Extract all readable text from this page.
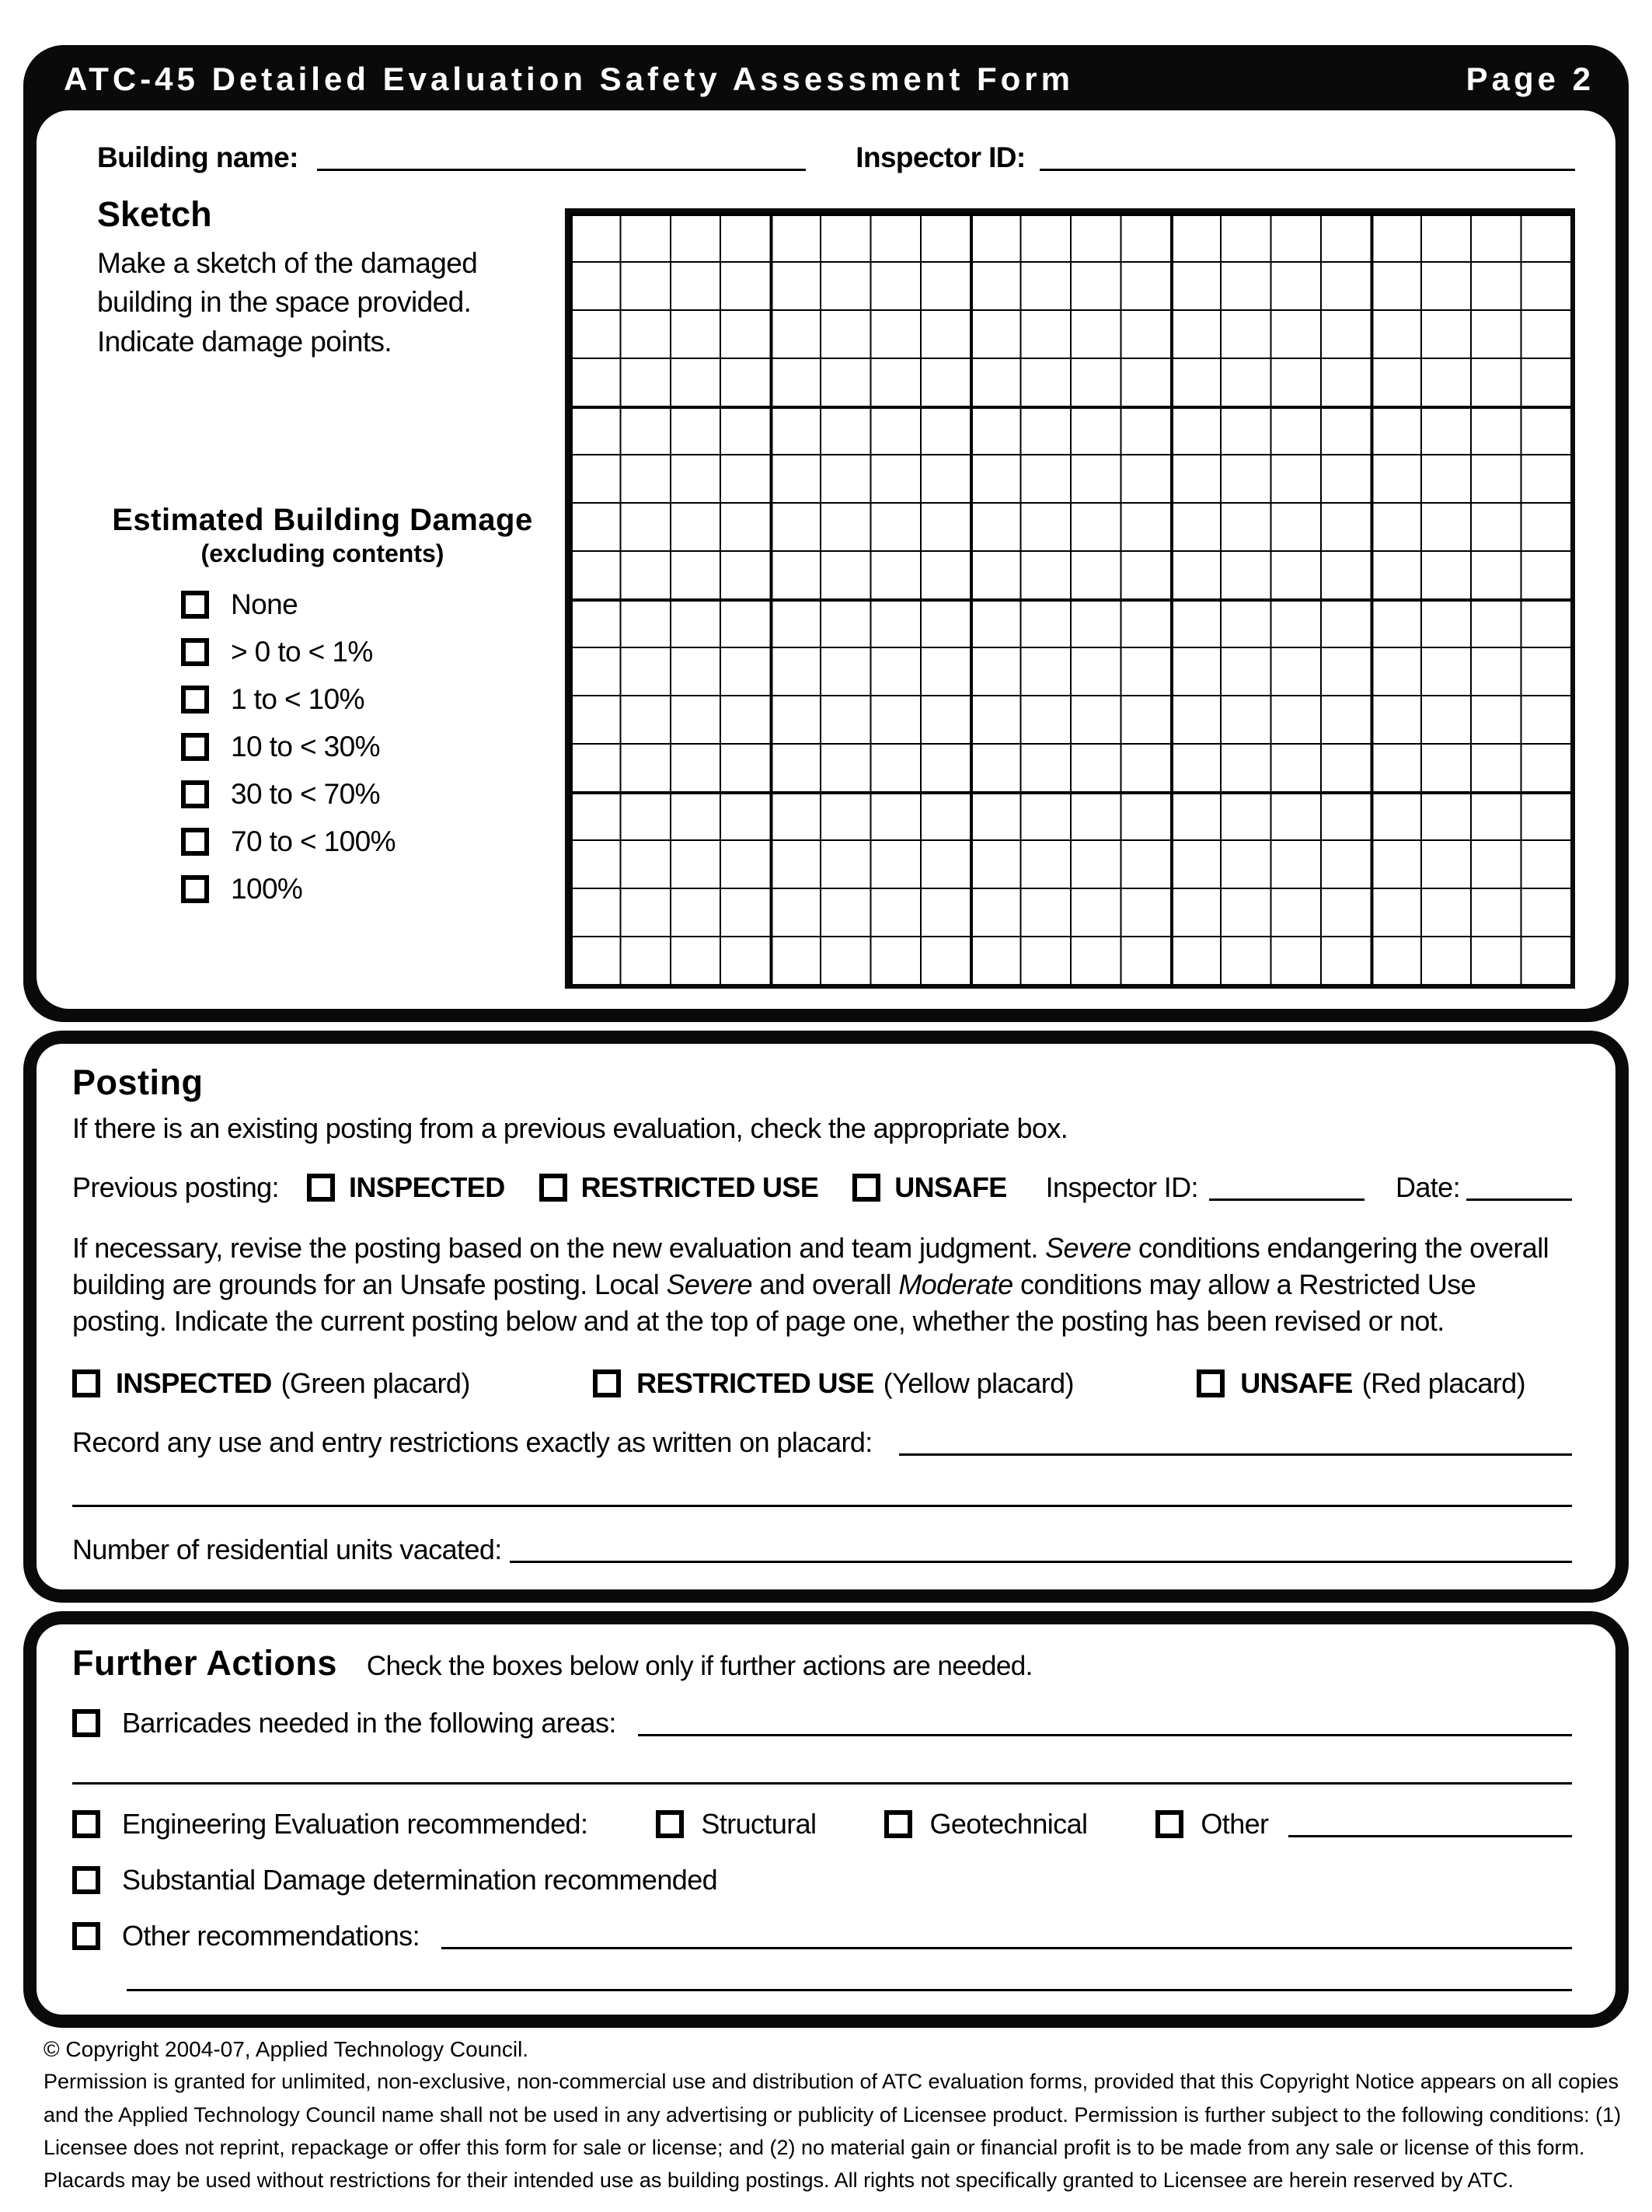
ATC-45 Detailed Evaluation Safety Assessment Form	Page 2
Building name:	Inspector ID:
Sketch
Make a sketch of the damaged
building in the space provided.
Indicate damage points.
Estimated Building Damage
(excluding contents)
None
> 0 to < 1%
1 to < 10%
10 to < 30%
30 to < 70%
70 to < 100%
100%
Posting
If there is an existing posting from a previous evaluation, check the appropriate box.
Previous posting:	INSPECTED	RESTRICTED USE	UNSAFE Inspector ID:	Date:

If necessary, revise the posting based on the new evaluation and team judgment. Severe conditions endangering the overall building are grounds for an Unsafe posting. Local Severe and overall Moderate conditions may allow a Restricted Use posting. Indicate the current posting below and at the top of page one, whether the posting has been revised or not.

INSPECTED (Green placard)	RESTRICTED USE (Yellow placard)	UNSAFE (Red placard)
Record any use and entry restrictions exactly as written on placard:
Number of residential units vacated:
Further Actions Check the boxes below only if further actions are needed.
Barricades needed in the following areas:
Engineering Evaluation recommended:	Structural	Geotechnical	Other
Substantial Damage determination recommended
Other recommendations:
© Copyright 2004-07, Applied Technology Council.
Permission is granted for unlimited, non-exclusive, non-commercial use and distribution of ATC evaluation forms, provided that this Copyright Notice appears on all copies and the Applied Technology Council name shall not be used in any advertising or publicity of Licensee product. Permission is further subject to the following conditions: (1) Licensee does not reprint, repackage or offer this form for sale or license; and (2) no material gain or financial profit is to be made from any sale or license of this form. Placards may be used without restrictions for their intended use as building postings. All rights not specifically granted to Licensee are herein reserved by ATC.
